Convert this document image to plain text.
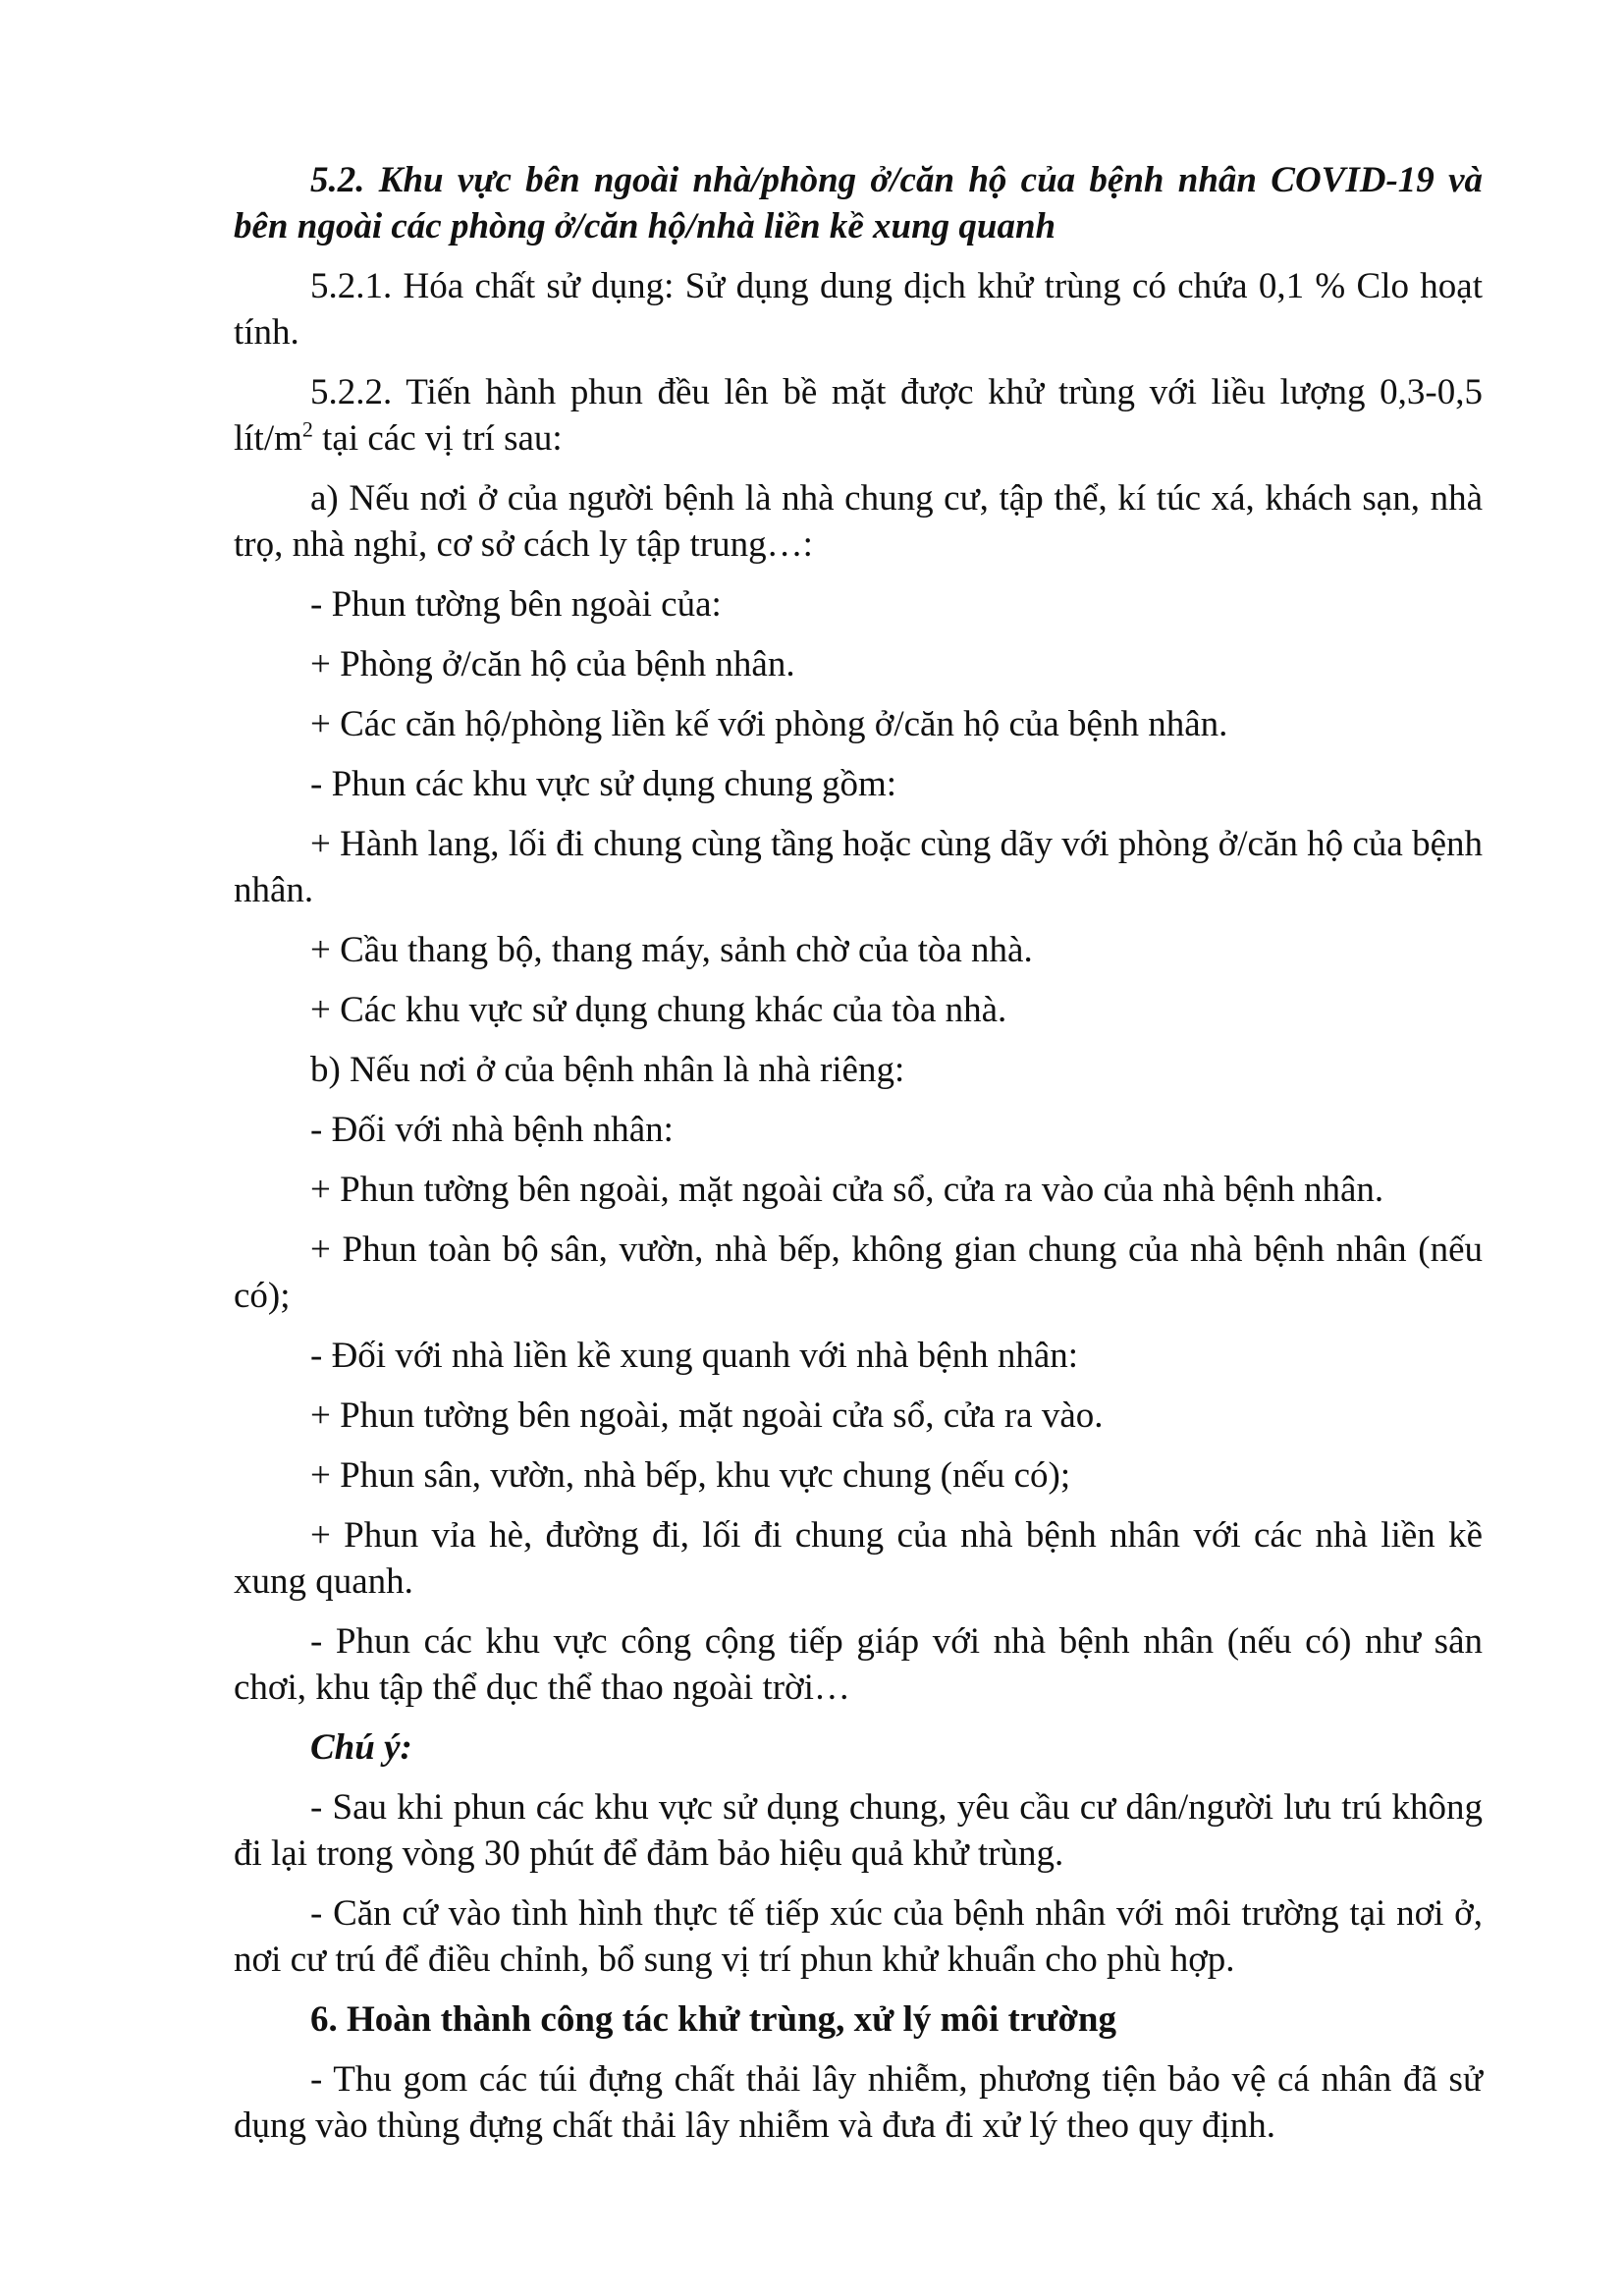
5.2. Khu vực bên ngoài nhà/phòng ở/căn hộ của bệnh nhân COVID-19 và bên ngoài các phòng ở/căn hộ/nhà liền kề xung quanh

5.2.1. Hóa chất sử dụng: Sử dụng dung dịch khử trùng có chứa 0,1 % Clo hoạt tính.

5.2.2. Tiến hành phun đều lên bề mặt được khử trùng với liều lượng 0,3-0,5 lít/$m^2$ tại các vị trí sau:

a) Nếu nơi ở của người bệnh là nhà chung cư, tập thể, kí túc xá, khách sạn, nhà trọ, nhà nghỉ, cơ sở cách ly tập trung…:

- Phun tường bên ngoài của:

+ Phòng ở/căn hộ của bệnh nhân.

+ Các căn hộ/phòng liền kế với phòng ở/căn hộ của bệnh nhân.

- Phun các khu vực sử dụng chung gồm:

+ Hành lang, lối đi chung cùng tầng hoặc cùng dãy với phòng ở/căn hộ của bệnh nhân.

+ Cầu thang bộ, thang máy, sảnh chờ của tòa nhà.

+ Các khu vực sử dụng chung khác của tòa nhà.

b) Nếu nơi ở của bệnh nhân là nhà riêng:

- Đối với nhà bệnh nhân:

+ Phun tường bên ngoài, mặt ngoài cửa sổ, cửa ra vào của nhà bệnh nhân.

+ Phun toàn bộ sân, vườn, nhà bếp, không gian chung của nhà bệnh nhân (nếu có);

- Đối với nhà liền kề xung quanh với nhà bệnh nhân:

+ Phun tường bên ngoài, mặt ngoài cửa sổ, cửa ra vào.

+ Phun sân, vườn, nhà bếp, khu vực chung (nếu có);

+ Phun vỉa hè, đường đi, lối đi chung của nhà bệnh nhân với các nhà liền kề xung quanh.

- Phun các khu vực công cộng tiếp giáp với nhà bệnh nhân (nếu có) như sân chơi, khu tập thể dục thể thao ngoài trời…

Chú ý:

- Sau khi phun các khu vực sử dụng chung, yêu cầu cư dân/người lưu trú không đi lại trong vòng 30 phút để đảm bảo hiệu quả khử trùng.

- Căn cứ vào tình hình thực tế tiếp xúc của bệnh nhân với môi trường tại nơi ở, nơi cư trú để điều chỉnh, bổ sung vị trí phun khử khuẩn cho phù hợp.

6. Hoàn thành công tác khử trùng, xử lý môi trường

- Thu gom các túi đựng chất thải lây nhiễm, phương tiện bảo vệ cá nhân đã sử dụng vào thùng đựng chất thải lây nhiễm và đưa đi xử lý theo quy định.
